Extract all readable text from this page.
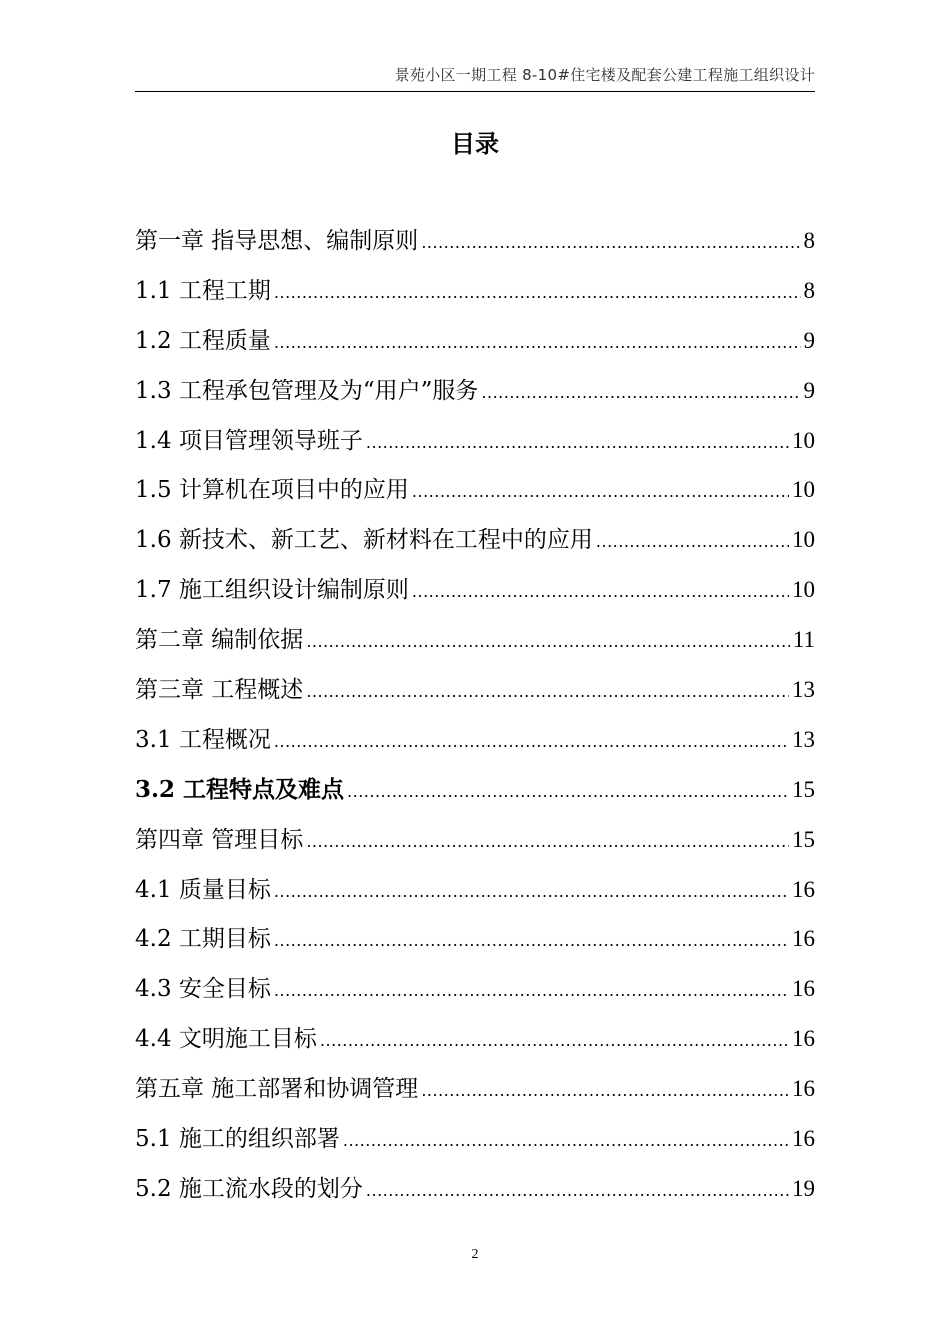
景苑小区一期工程 8-10#住宅楼及配套公建工程施工组织设计
目录
第一章 指导思想、编制原则 .....	8
1.1 工程工期 .....	8
1.2 工程质量 .....	9
1.3 工程承包管理及为“用户”服务 .....	9
1.4 项目管理领导班子 .....	10
1.5 计算机在项目中的应用 .....	10
1.6 新技术、新工艺、新材料在工程中的应用 .....	10
1.7 施工组织设计编制原则 .....	10
第二章 编制依据 .....	11
第三章 工程概述 .....	13
3.1 工程概况 .....	13
3.2 工程特点及难点 .....	15
第四章 管理目标 .....	15
4.1 质量目标 .....	16
4.2 工期目标 .....	16
4.3 安全目标 .....	16
4.4 文明施工目标 .....	16
第五章 施工部署和协调管理 .....	16
5.1 施工的组织部署 .....	16
5.2 施工流水段的划分 .....	19
2
